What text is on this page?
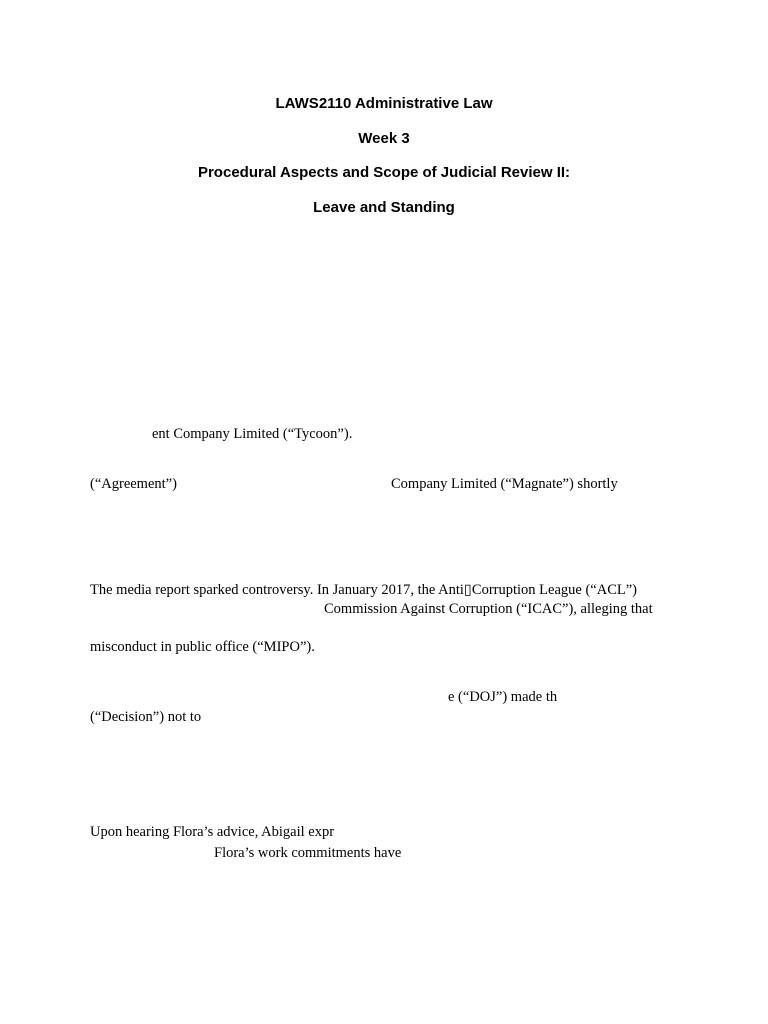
LAWS2110 Administrative Law
Week 3
Procedural Aspects and Scope of Judicial Review II:
Leave and Standing
ent Company Limited (“Tycoon”).
(“Agreement”)	Company Limited (“Magnate”) shortly
The media report sparked controversy. In January 2017, the Anti▯Corruption League (“ACL”)
Commission Against Corruption (“ICAC”), alleging that
misconduct in public office (“MIPO”).
e (“DOJ”) made th
(“Decision”) not to
Upon hearing Flora’s advice, Abigail expr
Flora’s work commitments have
